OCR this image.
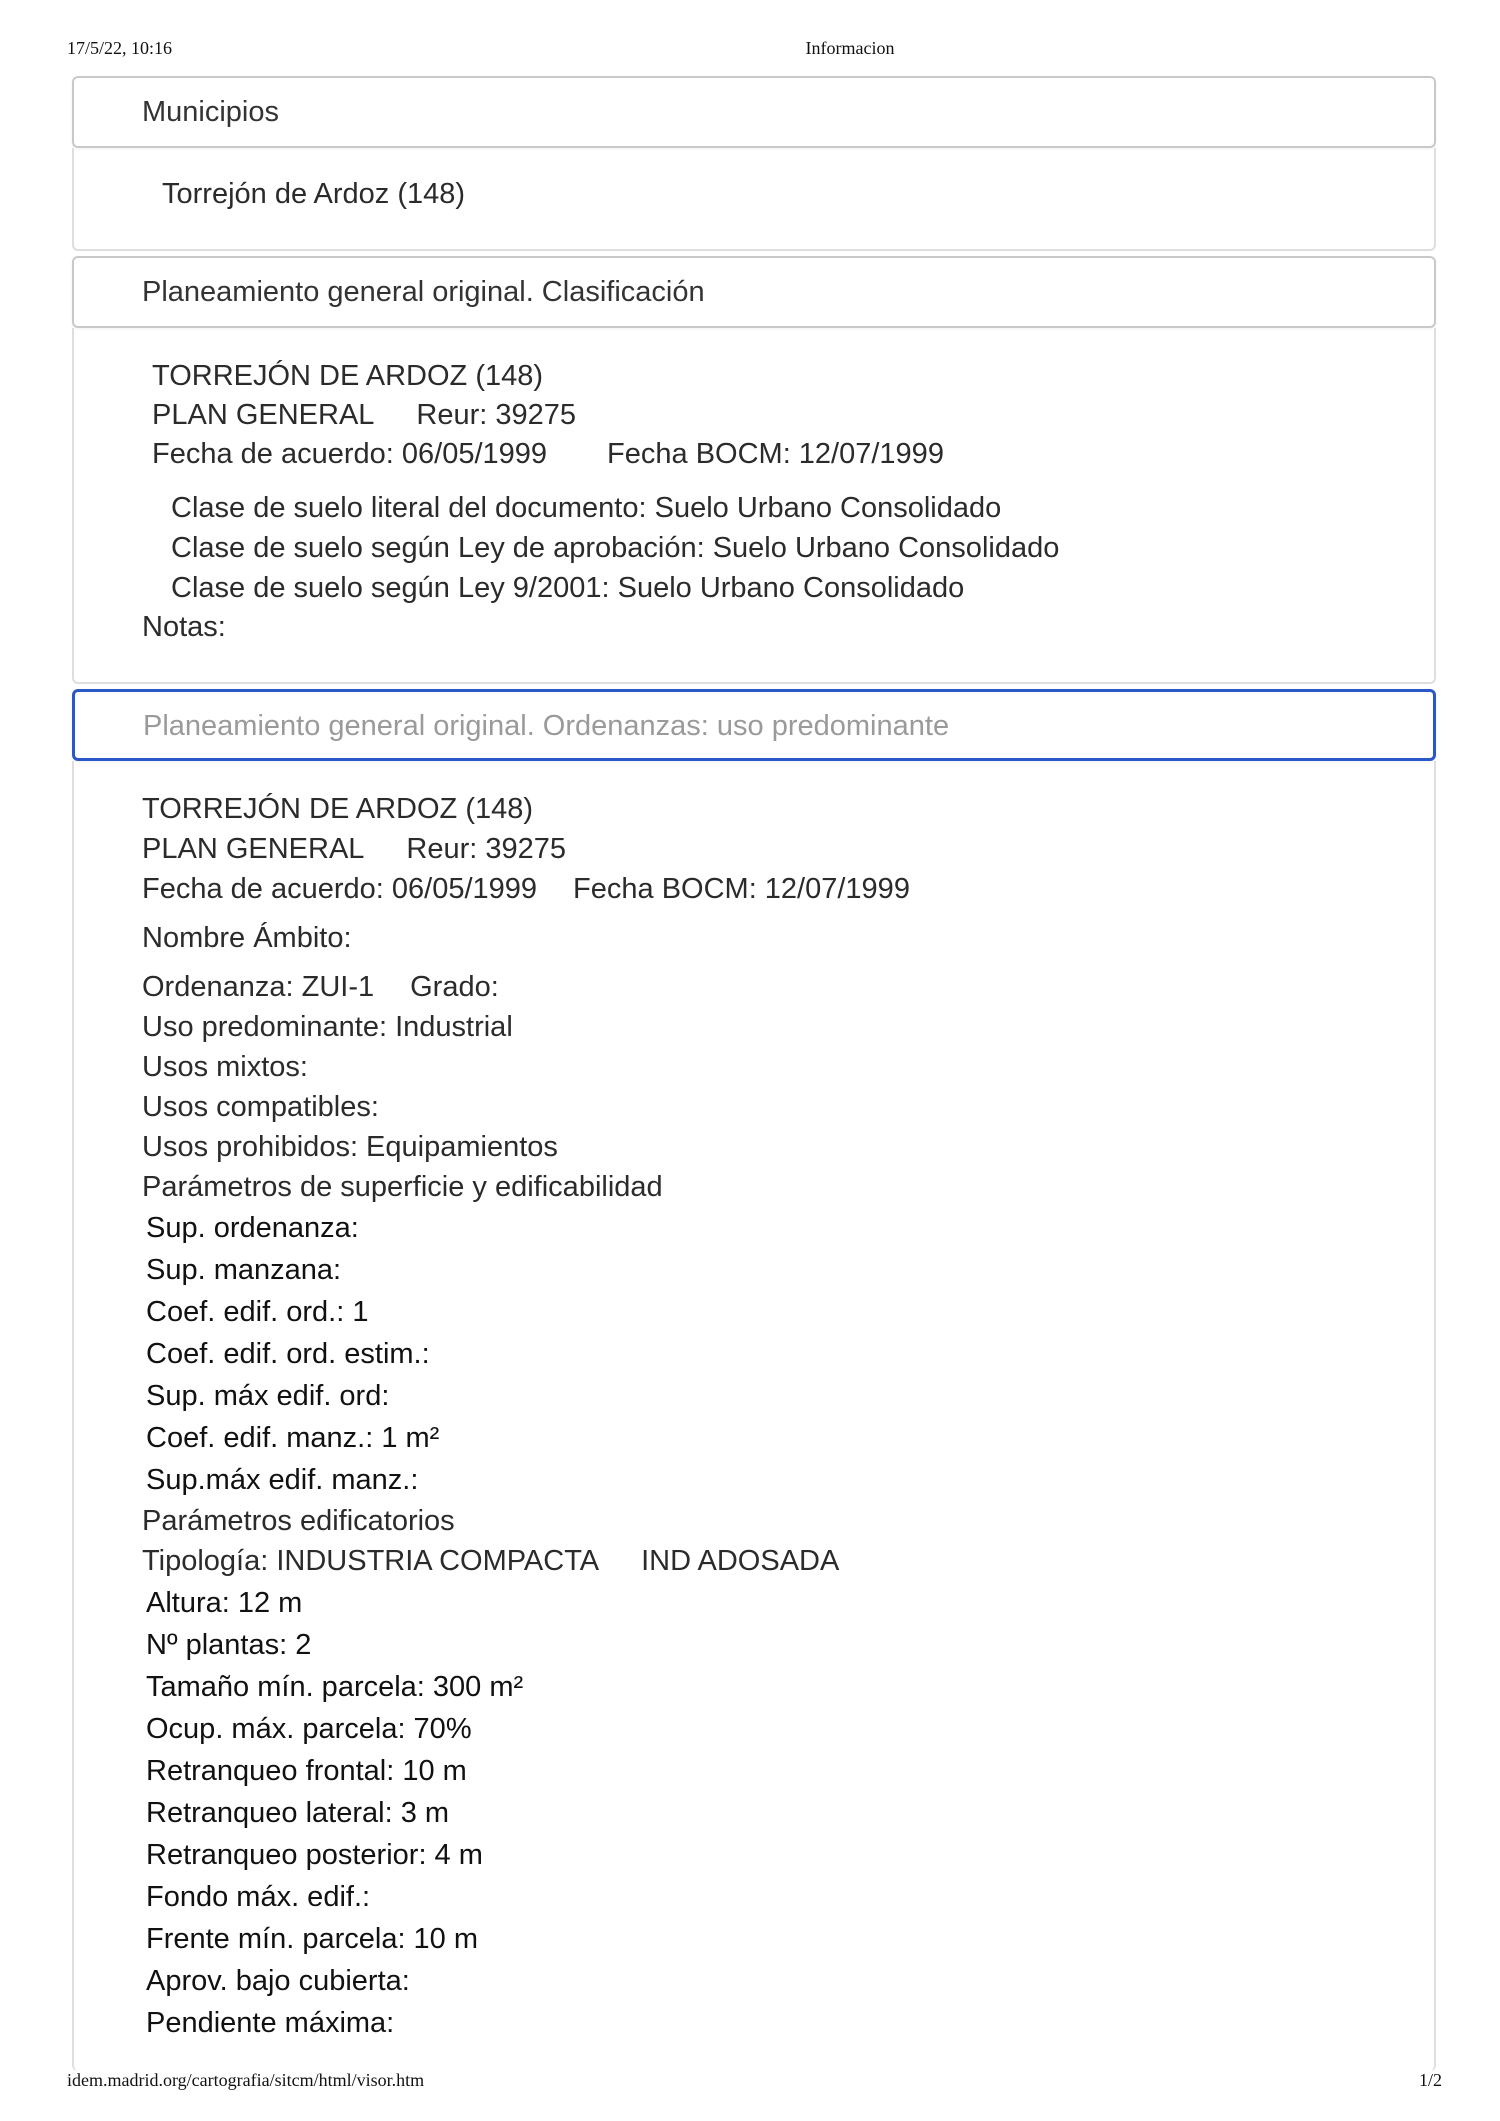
17/5/22, 10:16	Informacion
Municipios
Torrejón de Ardoz (148)
Planeamiento general original. Clasificación
TORREJÓN DE ARDOZ (148)
PLAN GENERAL Reur: 39275
Fecha de acuerdo: 06/05/1999 Fecha BOCM: 12/07/1999
Clase de suelo literal del documento: Suelo Urbano Consolidado
Clase de suelo según Ley de aprobación: Suelo Urbano Consolidado
Clase de suelo según Ley 9/2001: Suelo Urbano Consolidado
Notas:
Planeamiento general original. Ordenanzas: uso predominante
TORREJÓN DE ARDOZ (148)
PLAN GENERAL Reur: 39275
Fecha de acuerdo: 06/05/1999 Fecha BOCM: 12/07/1999
Nombre Ámbito:
Ordenanza: ZUI-1 Grado:
Uso predominante: Industrial
Usos mixtos:
Usos compatibles:
Usos prohibidos: Equipamientos
Parámetros de superficie y edificabilidad
Sup. ordenanza:
Sup. manzana:
Coef. edif. ord.: 1
Coef. edif. ord. estim.:
Sup. máx edif. ord:
Coef. edif. manz.: 1 m²
Sup.máx edif. manz.:
Parámetros edificatorios
Tipología: INDUSTRIA COMPACTA IND ADOSADA
Altura: 12 m
Nº plantas: 2
Tamaño mín. parcela: 300 m²
Ocup. máx. parcela: 70%
Retranqueo frontal: 10 m
Retranqueo lateral: 3 m
Retranqueo posterior: 4 m
Fondo máx. edif.:
Frente mín. parcela: 10 m
Aprov. bajo cubierta:
Pendiente máxima:
idem.madrid.org/cartografia/sitcm/html/visor.htm	1/2
